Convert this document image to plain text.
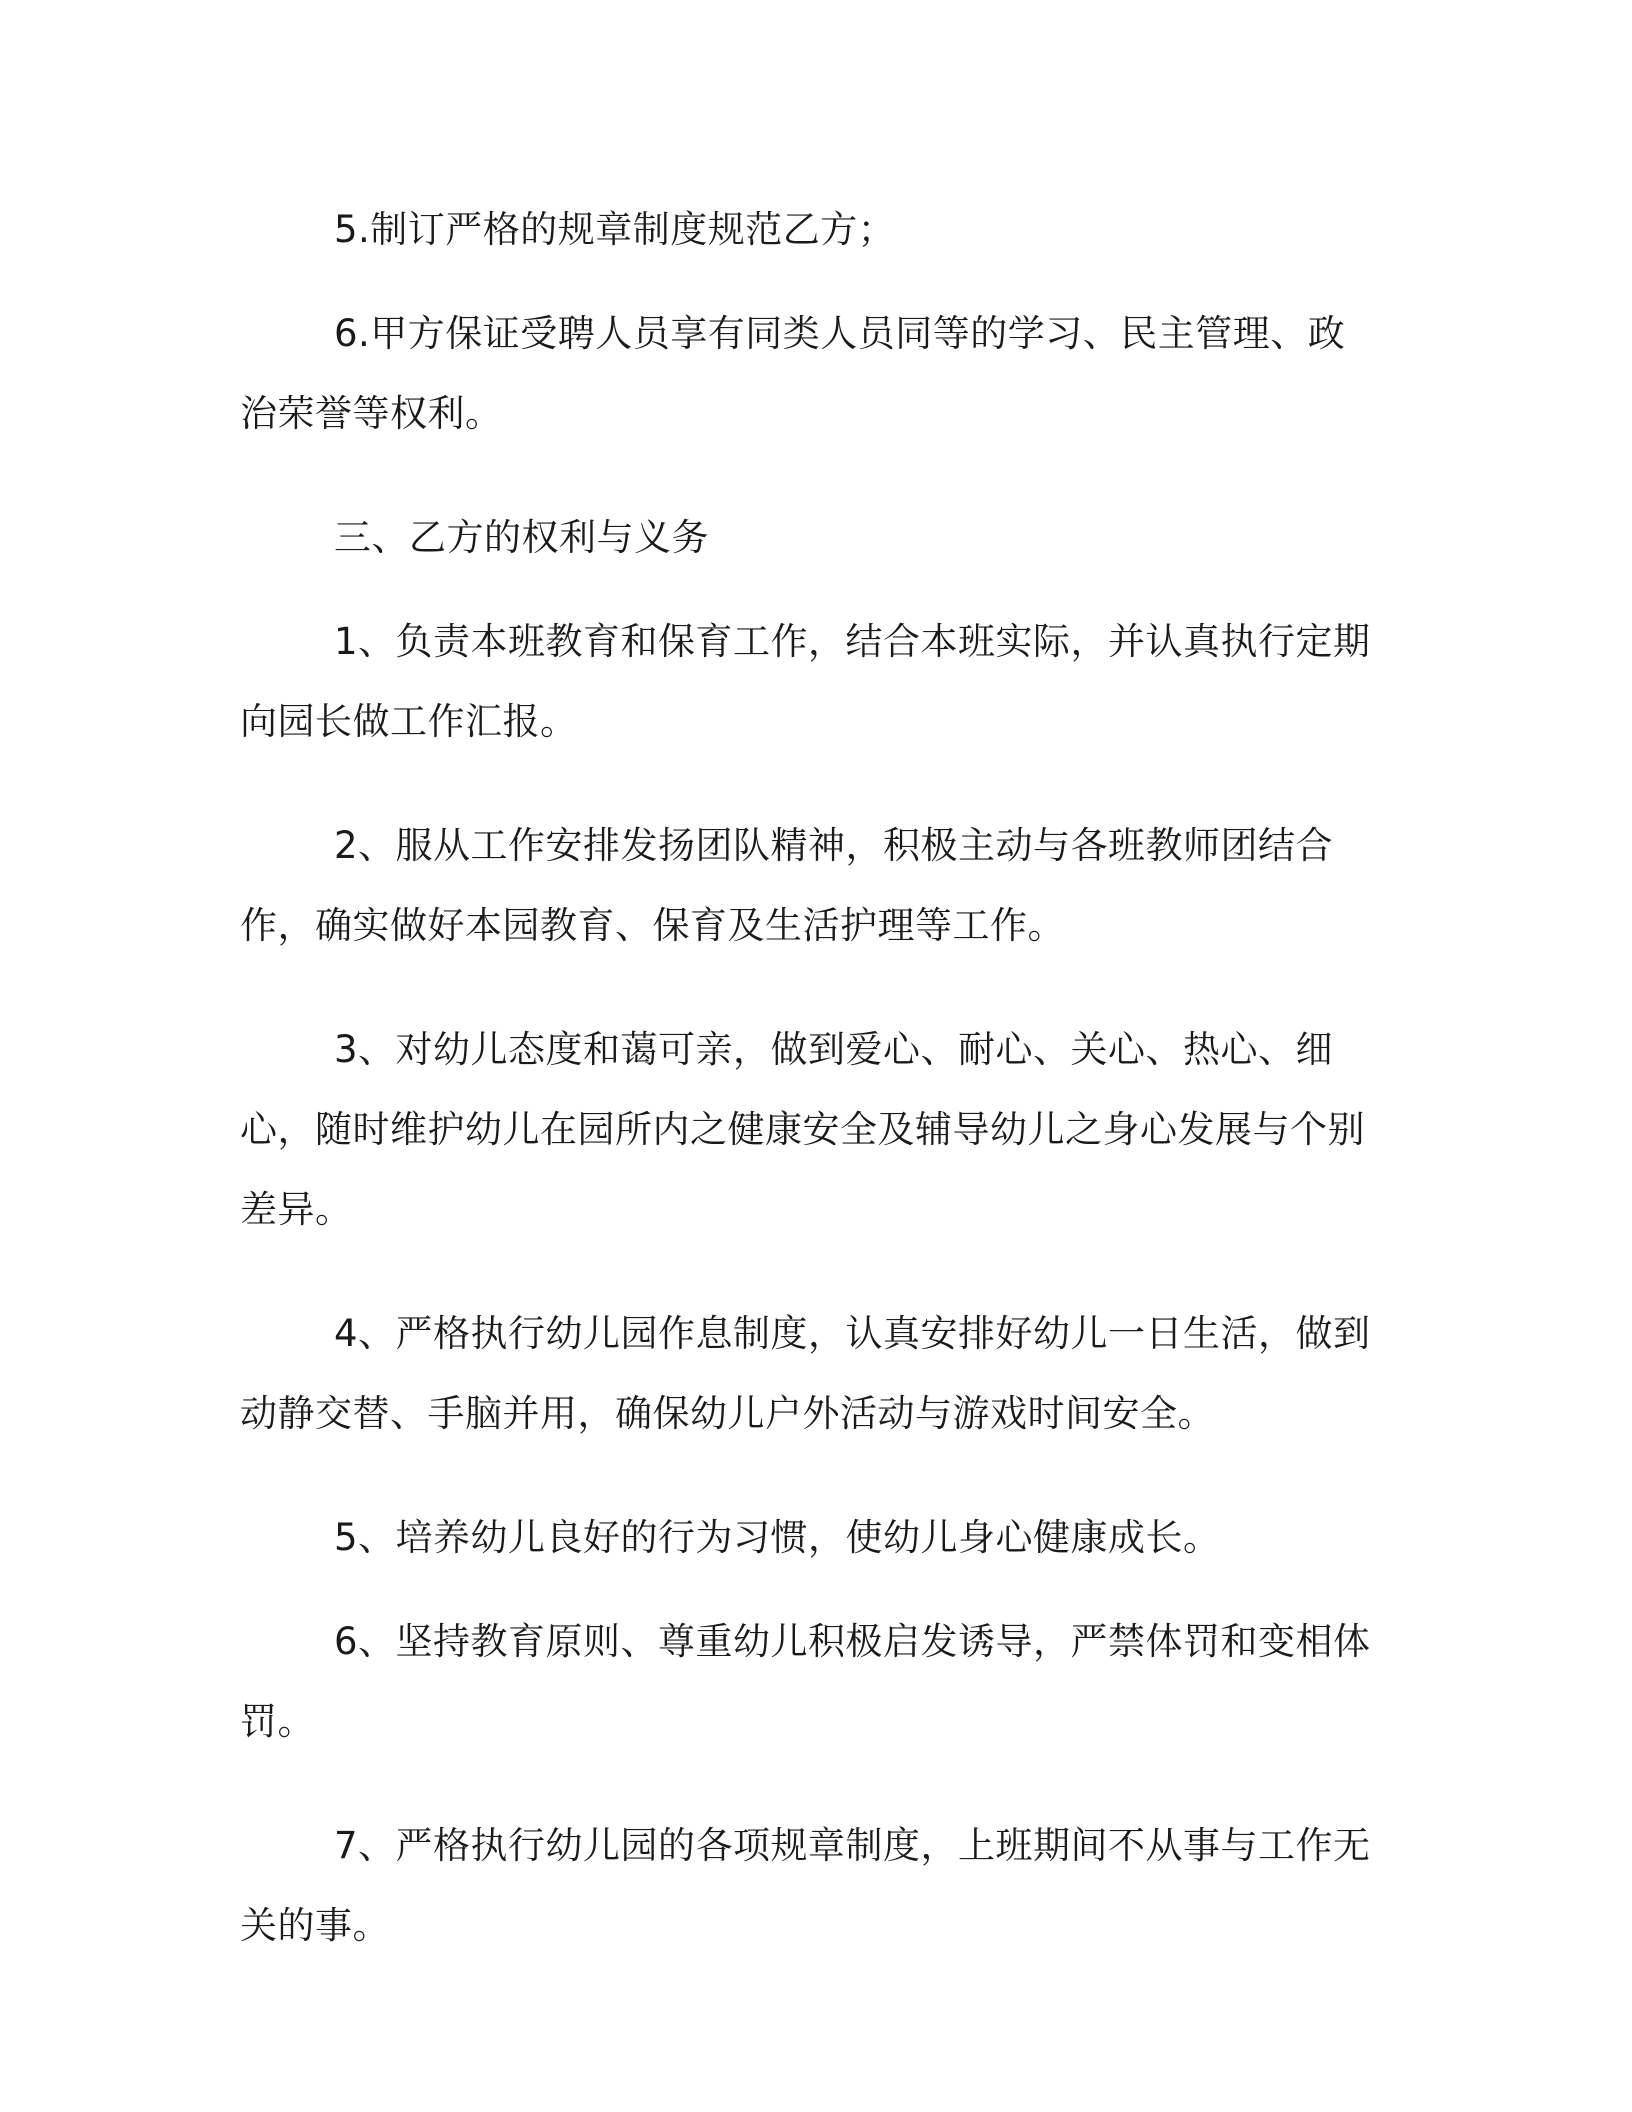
5.制订严格的规章制度规范乙方；

6.甲方保证受聘人员享有同类人员同等的学习、民主管理、政治荣誉等权利。

三、乙方的权利与义务

1、负责本班教育和保育工作，结合本班实际，并认真执行定期向园长做工作汇报。

2、服从工作安排发扬团队精神，积极主动与各班教师团结合作，确实做好本园教育、保育及生活护理等工作。

3、对幼儿态度和蔼可亲，做到爱心、耐心、关心、热心、细心，随时维护幼儿在园所内之健康安全及辅导幼儿之身心发展与个别差异。

4、严格执行幼儿园作息制度，认真安排好幼儿一日生活，做到动静交替、手脑并用，确保幼儿户外活动与游戏时间安全。

5、培养幼儿良好的行为习惯，使幼儿身心健康成长。

6、坚持教育原则、尊重幼儿积极启发诱导，严禁体罚和变相体罚。

7、严格执行幼儿园的各项规章制度，上班期间不从事与工作无关的事。
